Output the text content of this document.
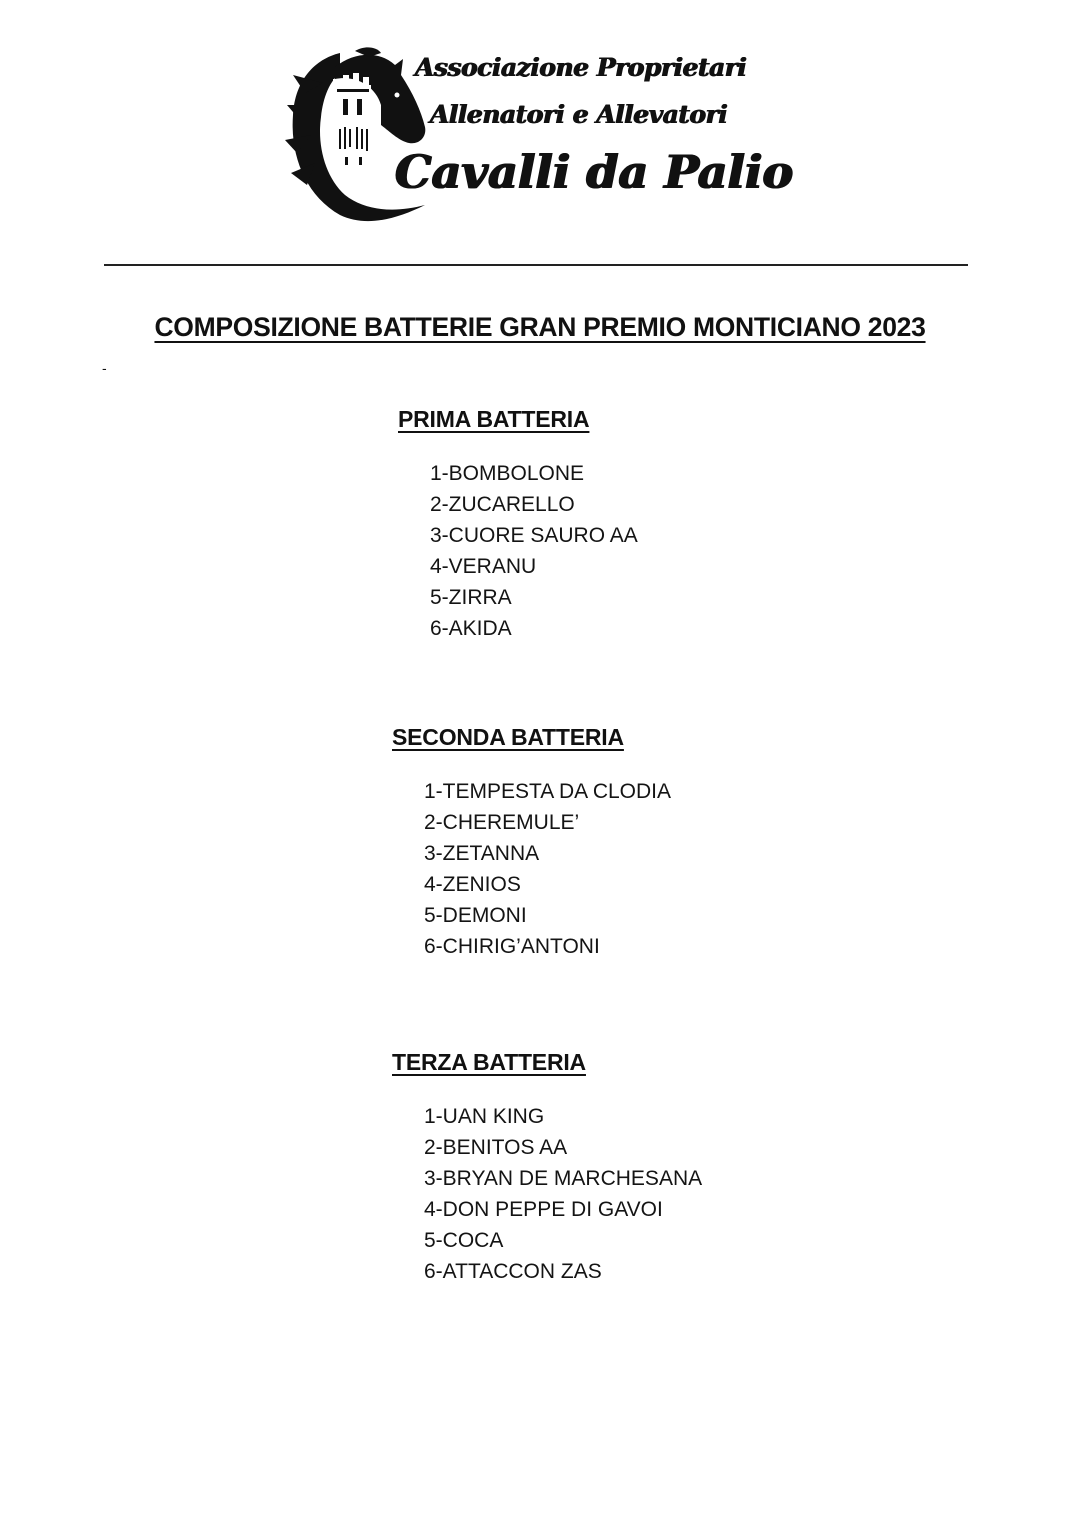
Associazione Proprietari
Allenatori e Allevatori
Cavalli da Palio
COMPOSIZIONE BATTERIE GRAN PREMIO MONTICIANO 2023
-
PRIMA BATTERIA
1-BOMBOLONE
2-ZUCARELLO
3-CUORE SAURO AA
4-VERANU
5-ZIRRA
6-AKIDA
SECONDA BATTERIA
1-TEMPESTA DA CLODIA
2-CHEREMULE’
3-ZETANNA
4-ZENIOS
5-DEMONI
6-CHIRIG’ANTONI
TERZA BATTERIA
1-UAN KING
2-BENITOS AA
3-BRYAN DE MARCHESANA
4-DON PEPPE DI GAVOI
5-COCA
6-ATTACCON ZAS
